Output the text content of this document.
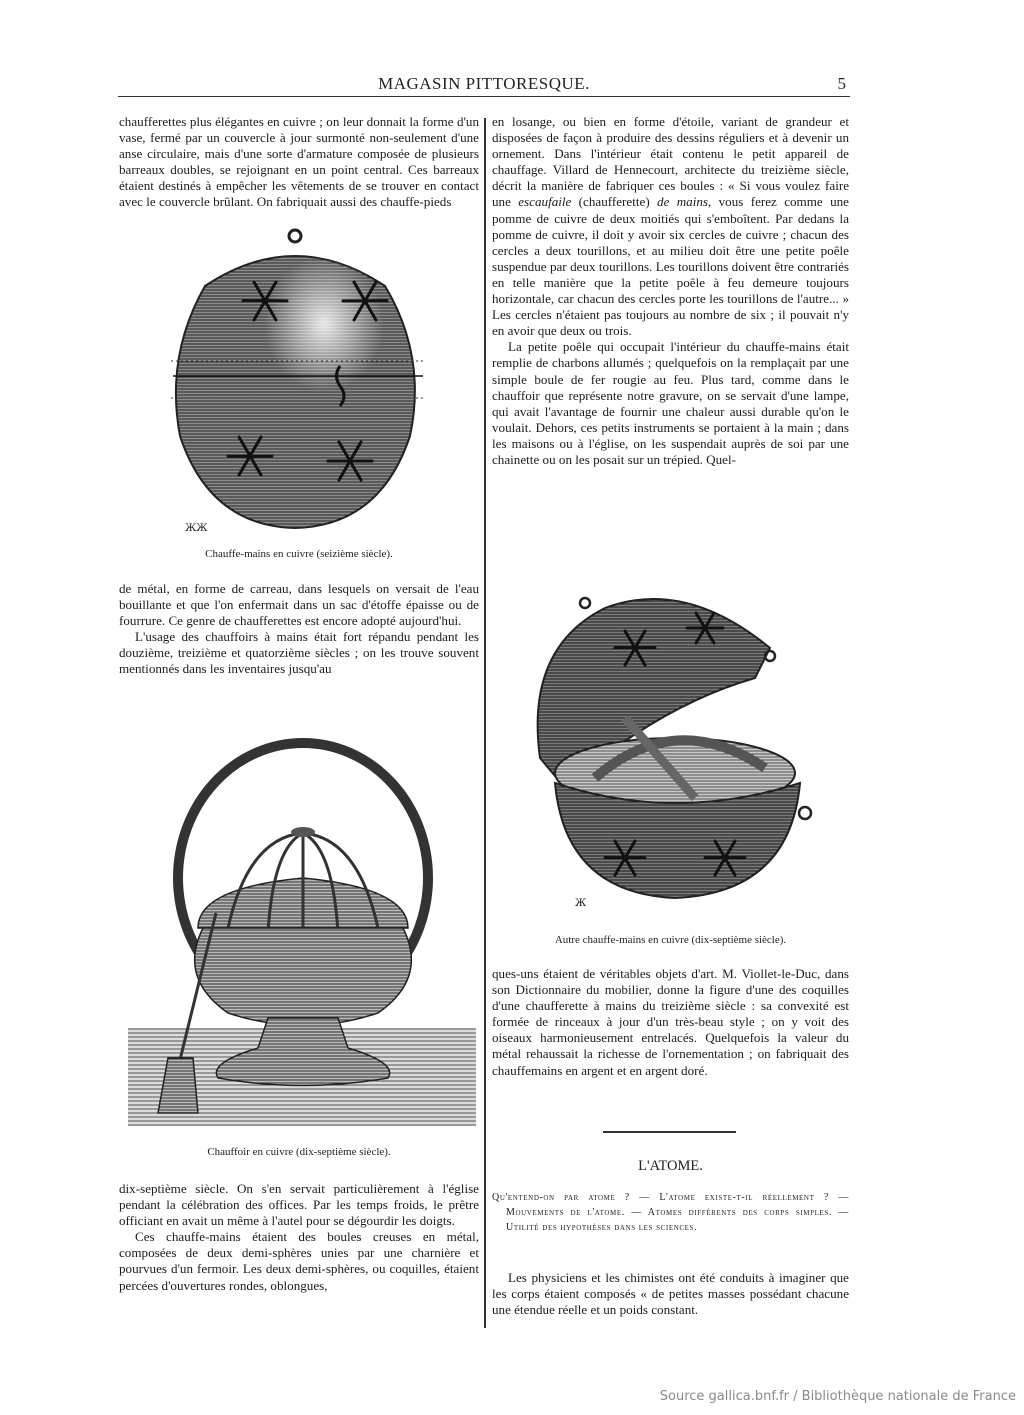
MAGASIN PITTORESQUE.	5

chaufferettes plus élégantes en cuivre ; on leur donnait la forme d'un vase, fermé par un couvercle à jour surmonté non-seulement d'une anse circulaire, mais d'une sorte d'armature composée de plusieurs barreaux doubles, se rejoignant en un point central. Ces barreaux étaient destinés à empêcher les vêtements de se trouver en contact avec le couvercle brûlant. On fabriquait aussi des chauffe-pieds

ЖЖ
Chauffe-mains en cuivre (seizième siècle).

de métal, en forme de carreau, dans lesquels on versait de l'eau bouillante et que l'on enfermait dans un sac d'étoffe épaisse ou de fourrure. Ce genre de chaufferettes est encore adopté aujourd'hui.

L'usage des chauffoirs à mains était fort répandu pendant les douzième, treizième et quatorzième siècles ; on les trouve souvent mentionnés dans les inventaires jusqu'au

Chauffoir en cuivre (dix-septième siècle).

dix-septième siècle. On s'en servait particulièrement à l'église pendant la célébration des offices. Par les temps froids, le prêtre officiant en avait un même à l'autel pour se dégourdir les doigts.

Ces chauffe-mains étaient des boules creuses en métal, composées de deux demi-sphères unies par une charnière et pourvues d'un fermoir. Les deux demi-sphères, ou coquilles, étaient percées d'ouvertures rondes, oblongues,

en losange, ou bien en forme d'étoile, variant de grandeur et disposées de façon à produire des dessins réguliers et à devenir un ornement. Dans l'intérieur était contenu le petit appareil de chauffage. Villard de Hennecourt, architecte du treizième siècle, décrit la manière de fabriquer ces boules : « Si vous voulez faire une escaufaile (chaufferette) de mains, vous ferez comme une pomme de cuivre de deux moitiés qui s'emboîtent. Par dedans la pomme de cuivre, il doit y avoir six cercles de cuivre ; chacun des cercles a deux tourillons, et au milieu doit être une petite poêle suspendue par deux tourillons. Les tourillons doivent être contrariés en telle manière que la petite poêle à feu demeure toujours horizontale, car chacun des cercles porte les tourillons de l'autre... » Les cercles n'étaient pas toujours au nombre de six ; il pouvait n'y en avoir que deux ou trois.

La petite poêle qui occupait l'intérieur du chauffe-mains était remplie de charbons allumés ; quelquefois on la remplaçait par une simple boule de fer rougie au feu. Plus tard, comme dans le chauffoir que représente notre gravure, on se servait d'une lampe, qui avait l'avantage de fournir une chaleur aussi durable qu'on le voulait. Dehors, ces petits instruments se portaient à la main ; dans les maisons ou à l'église, on les suspendait auprès de soi par une chainette ou on les posait sur un trépied. Quel-

Ж
Autre chauffe-mains en cuivre (dix-septième siècle).

ques-uns étaient de véritables objets d'art. M. Viollet-le-Duc, dans son Dictionnaire du mobilier, donne la figure d'une des coquilles d'une chaufferette à mains du treizième siècle : sa convexité est formée de rinceaux à jour d'un très-beau style ; on y voit des oiseaux harmonieusement entrelacés. Quelquefois la valeur du métal rehaussait la richesse de l'ornementation ; on fabriquait des chauffemains en argent et en argent doré.

L'ATOME.
Qu'entend-on par atome ? — L'atome existe-t-il réellement ? — Mouvements de l'atome. — Atomes différents des corps simples. — Utilité des hypothèses dans les sciences.

Les physiciens et les chimistes ont été conduits à imaginer que les corps étaient composés « de petites masses possédant chacune une étendue réelle et un poids constant.

Source gallica.bnf.fr / Bibliothèque nationale de France
